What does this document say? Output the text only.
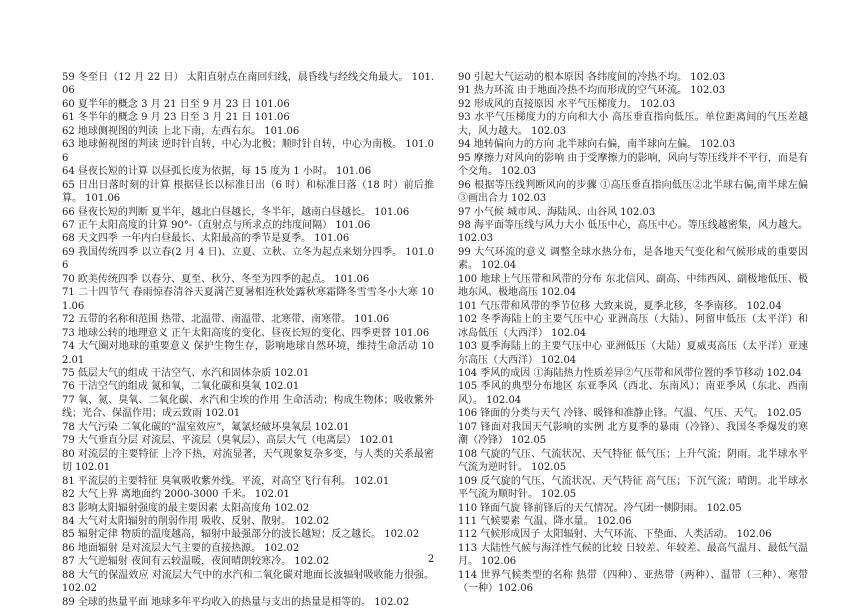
59 冬至日（12 月 22 日） 太阳直射点在南回归线，晨昏线与经线交角最大。 101.06

60 夏半年的概念 3 月 21 日至 9 月 23 日 101.06

61 冬半年的概念 9 月 23 日至 3 月 21 日 101.06

62 地球侧视图的判读 上北下南，左西右东。 101.06

63 地球俯视图的判读 逆时针自转，中心为北极；顺时针自转，中心为南极。 101.06

64 昼夜长短的计算 以昼弧长度为依据，每 15 度为 1 小时。 101.06

65 日出日落时刻的计算 根据昼长以标准日出（6 时）和标准日落（18 时）前后推算。 101.06

66 昼夜长短的判断 夏半年，越北白昼越长，冬半年，越南白昼越长。 101.06

67 正午太阳高度的计算 90°-（直射点与所求点的纬度间隔） 101.06

68 天文四季 一年内白昼最长、太阳最高的季节是夏季。 101.06

69 我国传统四季 以立春(2 月 4 日)、立夏、立秋、立冬为起点来划分四季。 101.06

70 欧美传统四季 以春分、夏至、秋分、冬至为四季的起点。 101.06

71 二十四节气 春雨惊春清谷天夏满芒夏暑相连秋处露秋寒霜降冬雪雪冬小大寒 101.06

72 五带的名称和范围 热带、北温带、南温带、北寒带、南寒带。 101.06

73 地球公转的地理意义 正午太阳高度的变化、昼夜长短的变化、四季更替 101.06

74 大气圈对地球的重要意义 保护生物生存，影响地球自然环境，维持生命活动 102.01

75 低层大气的组成 干洁空气、水汽和固体杂质 102.01

76 干洁空气的组成 氮和氧，二氧化碳和臭氧 102.01

77 氧、氮、臭氧、二氧化碳、水汽和尘埃的作用 生命活动；构成生物体；吸收紫外线；光合、保温作用；成云致雨 102.01

78 大气污染 二氧化碳的“温室效应”，氟氯烃破坏臭氧层 102.01

79 大气垂直分层 对流层、平流层（臭氧层）、高层大气（电离层） 102.01

80 对流层的主要特征 上冷下热，对流显著，天气现象复杂多变，与人类的关系最密切 102.01

81 平流层的主要特征 臭氧吸收紫外线。平流，对高空飞行有利。 102.01

82 大气上界 离地面约 2000-3000 千米。 102.01

83 影响太阳辐射强度的最主要因素 太阳高度角 102.02

84 大气对太阳辐射的削弱作用 吸收、反射、散射。 102.02

85 辐射定律 物质的温度越高，辐射中最强部分的波长越短；反之越长。 102.02

86 地面辐射 是对流层大气主要的直接热源。 102.02

87 大气逆辐射 夜间有云较温暖，夜间晴朗较寒冷。 102.02

88 大气的保温效应 对流层大气中的水汽和二氧化碳对地面长波辐射吸收能力很强。 102.02

89 全球的热量平面 地球多年平均收入的热量与支出的热量是相等的。 102.02

90 引起大气运动的根本原因 各纬度间的冷热不均。 102.03

91 热力环流 由于地面冷热不均而形成的空气环流。 102.03

92 形成风的直接原因 水平气压梯度力。 102.03

93 水平气压梯度力的方向和大小 高压垂直指向低压。单位距离间的气压差越大，风力越大。 102.03

94 地转偏向力的方向 北半球向右偏，南半球向左偏。 102.03

95 摩擦力对风向的影响 由于受摩擦力的影响，风向与等压线并不平行，而是有个交角。 102.03

96 根据等压线判断风向的步骤 ①高压垂直指向低压②北半球右偏,南半球左偏③画出合力 102.03

97 小气候 城市风、海陆风、山谷风 102.03

98 海平面等压线与风力大小 低压中心，高压中心。等压线越密集，风力越大。 102.03

99 大气环流的意义 调整全球水热分布，是各地天气变化和气候形成的重要因素。 102.04

100 地球上气压带和风带的分布 东北信风、副高、中纬西风、副极地低压、极地东风、极地高压 102.04

101 气压带和风带的季节位移 大致来说，夏季北移，冬季南移。 102.04

102 冬季海陆上的主要气压中心 亚洲高压（大陆）、阿留申低压（太平洋）和冰岛低压（大西洋） 102.04

103 夏季海陆上的主要气压中心 亚洲低压（大陆）夏威夷高压（太平洋）亚速尔高压（大西洋） 102.04

104 季风的成因 ①海陆热力性质差异②气压带和风带位置的季节移动 102.04

105 季风的典型分布地区 东亚季风（西北、东南风）；南亚季风（东北、西南风）。 102.04

106 锋面的分类与天气 冷锋、暖锋和准静止锋。气温、气压、天气。 102.05

107 锋面对我国天气影响的实例 北方夏季的暴雨（冷锋）、我国冬季爆发的寒潮（冷锋） 102.05

108 气旋的气压、气流状况、天气特征 低气压；上升气流；阴雨。北半球水平气流为逆时针。 102.05

109 反气旋的气压、气流状况、天气特征 高气压；下沉气流；晴朗。北半球水平气流为顺时针。 102.05

110 锋面气旋 锋前锋后的天气情况。冷气团一侧阴雨。 102.05

111 气候要素 气温、降水量。 102.06

112 气候形成因子 太阳辐射、大气环流、下垫面、人类活动。 102.06

113 大陆性气候与海洋性气候的比较 日较差、年较差、最高气温月、最低气温月。 102.06

114 世界气候类型的名称 热带（四种）、亚热带（两种）、温带（三种）、寒带（一种）102.06

2
